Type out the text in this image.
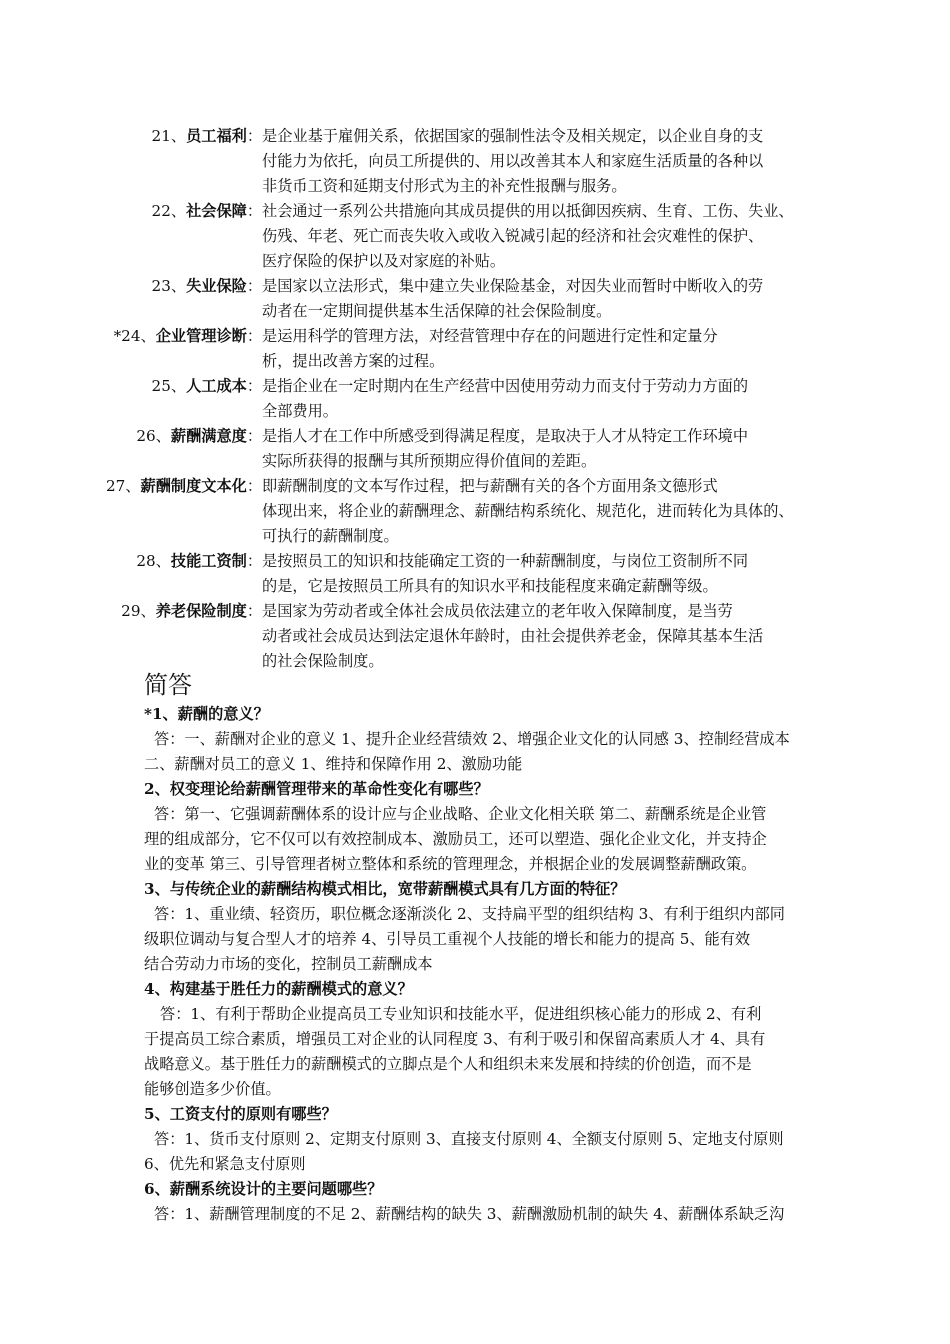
21、员工福利： 是企业基于雇佣关系，依据国家的强制性法令及相关规定，以企业自身的支
付能力为依托，向员工所提供的、用以改善其本人和家庭生活质量的各种以
非货币工资和延期支付形式为主的补充性报酬与服务。
22、社会保障： 社会通过一系列公共措施向其成员提供的用以抵御因疾病、生育、工伤、失业、
伤残、年老、死亡而丧失收入或收入锐减引起的经济和社会灾难性的保护、
医疗保险的保护以及对家庭的补贴。
23、失业保险： 是国家以立法形式，集中建立失业保险基金，对因失业而暂时中断收入的劳
动者在一定期间提供基本生活保障的社会保险制度。
*24、企业管理诊断： 是运用科学的管理方法，对经营管理中存在的问题进行定性和定量分
析，提出改善方案的过程。
25、人工成本： 是指企业在一定时期内在生产经营中因使用劳动力而支付于劳动力方面的
全部费用。
26、薪酬满意度： 是指人才在工作中所感受到得满足程度，是取决于人才从特定工作环境中
实际所获得的报酬与其所预期应得价值间的差距。
27、薪酬制度文本化： 即薪酬制度的文本写作过程，把与薪酬有关的各个方面用条文德形式
体现出来，将企业的薪酬理念、薪酬结构系统化、规范化，进而转化为具体的、
可执行的薪酬制度。
28、技能工资制： 是按照员工的知识和技能确定工资的一种薪酬制度，与岗位工资制所不同
的是，它是按照员工所具有的知识水平和技能程度来确定薪酬等级。
29、养老保险制度： 是国家为劳动者或全体社会成员依法建立的老年收入保障制度，是当劳
动者或社会成员达到法定退休年龄时，由社会提供养老金，保障其基本生活
的社会保险制度。
简答
*1、薪酬的意义？
答：一、薪酬对企业的意义 1、提升企业经营绩效 2、增强企业文化的认同感 3、控制经营成本
二、薪酬对员工的意义 1、维持和保障作用 2、激励功能
2、权变理论给薪酬管理带来的革命性变化有哪些？
答：第一、它强调薪酬体系的设计应与企业战略、企业文化相关联 第二、薪酬系统是企业管
理的组成部分，它不仅可以有效控制成本、激励员工，还可以塑造、强化企业文化，并支持企
业的变革 第三、引导管理者树立整体和系统的管理理念，并根据企业的发展调整薪酬政策。
3、与传统企业的薪酬结构模式相比，宽带薪酬模式具有几方面的特征？
答：1、重业绩、轻资历，职位概念逐渐淡化 2、支持扁平型的组织结构 3、有利于组织内部同
级职位调动与复合型人才的培养 4、引导员工重视个人技能的增长和能力的提高 5、能有效
结合劳动力市场的变化，控制员工薪酬成本
4、构建基于胜任力的薪酬模式的意义？
答：1、有利于帮助企业提高员工专业知识和技能水平，促进组织核心能力的形成 2、有利
于提高员工综合素质，增强员工对企业的认同程度 3、有利于吸引和保留高素质人才 4、具有
战略意义。基于胜任力的薪酬模式的立脚点是个人和组织未来发展和持续的价创造，而不是
能够创造多少价值。
5、工资支付的原则有哪些？
答：1、货币支付原则 2、定期支付原则 3、直接支付原则 4、全额支付原则 5、定地支付原则
6、优先和紧急支付原则
6、薪酬系统设计的主要问题哪些？
答：1、薪酬管理制度的不足 2、薪酬结构的缺失 3、薪酬激励机制的缺失 4、薪酬体系缺乏沟
